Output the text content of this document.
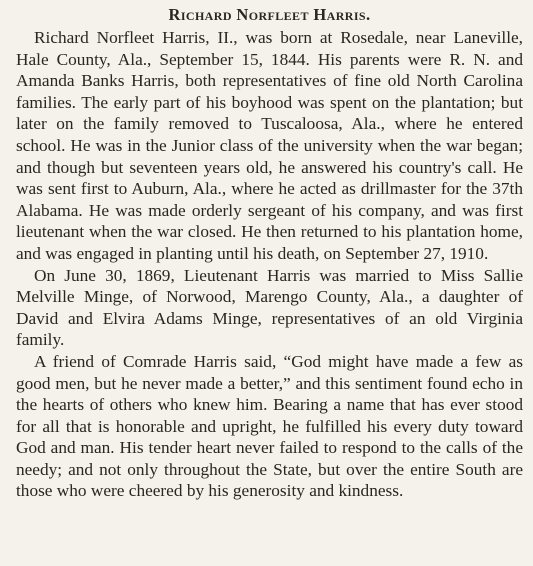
Richard Norfleet Harris.

Richard Norfleet Harris, II., was born at Rosedale, near Laneville, Hale County, Ala., September 15, 1844. His parents were R. N. and Amanda Banks Harris, both representatives of fine old North Carolina families. The early part of his boyhood was spent on the plantation; but later on the family removed to Tuscaloosa, Ala., where he entered school. He was in the Junior class of the university when the war began; and though but seventeen years old, he answered his country's call. He was sent first to Auburn, Ala., where he acted as drillmaster for the 37th Alabama. He was made orderly sergeant of his company, and was first lieutenant when the war closed. He then returned to his plantation home, and was engaged in planting until his death, on September 27, 1910.

On June 30, 1869, Lieutenant Harris was married to Miss Sallie Melville Minge, of Norwood, Marengo County, Ala., a daughter of David and Elvira Adams Minge, representatives of an old Virginia family.

A friend of Comrade Harris said, “God might have made a few as good men, but he never made a better,” and this sentiment found echo in the hearts of others who knew him. Bearing a name that has ever stood for all that is honorable and upright, he fulfilled his every duty toward God and man. His tender heart never failed to respond to the calls of the needy; and not only throughout the State, but over the entire South are those who were cheered by his generosity and kindness.
